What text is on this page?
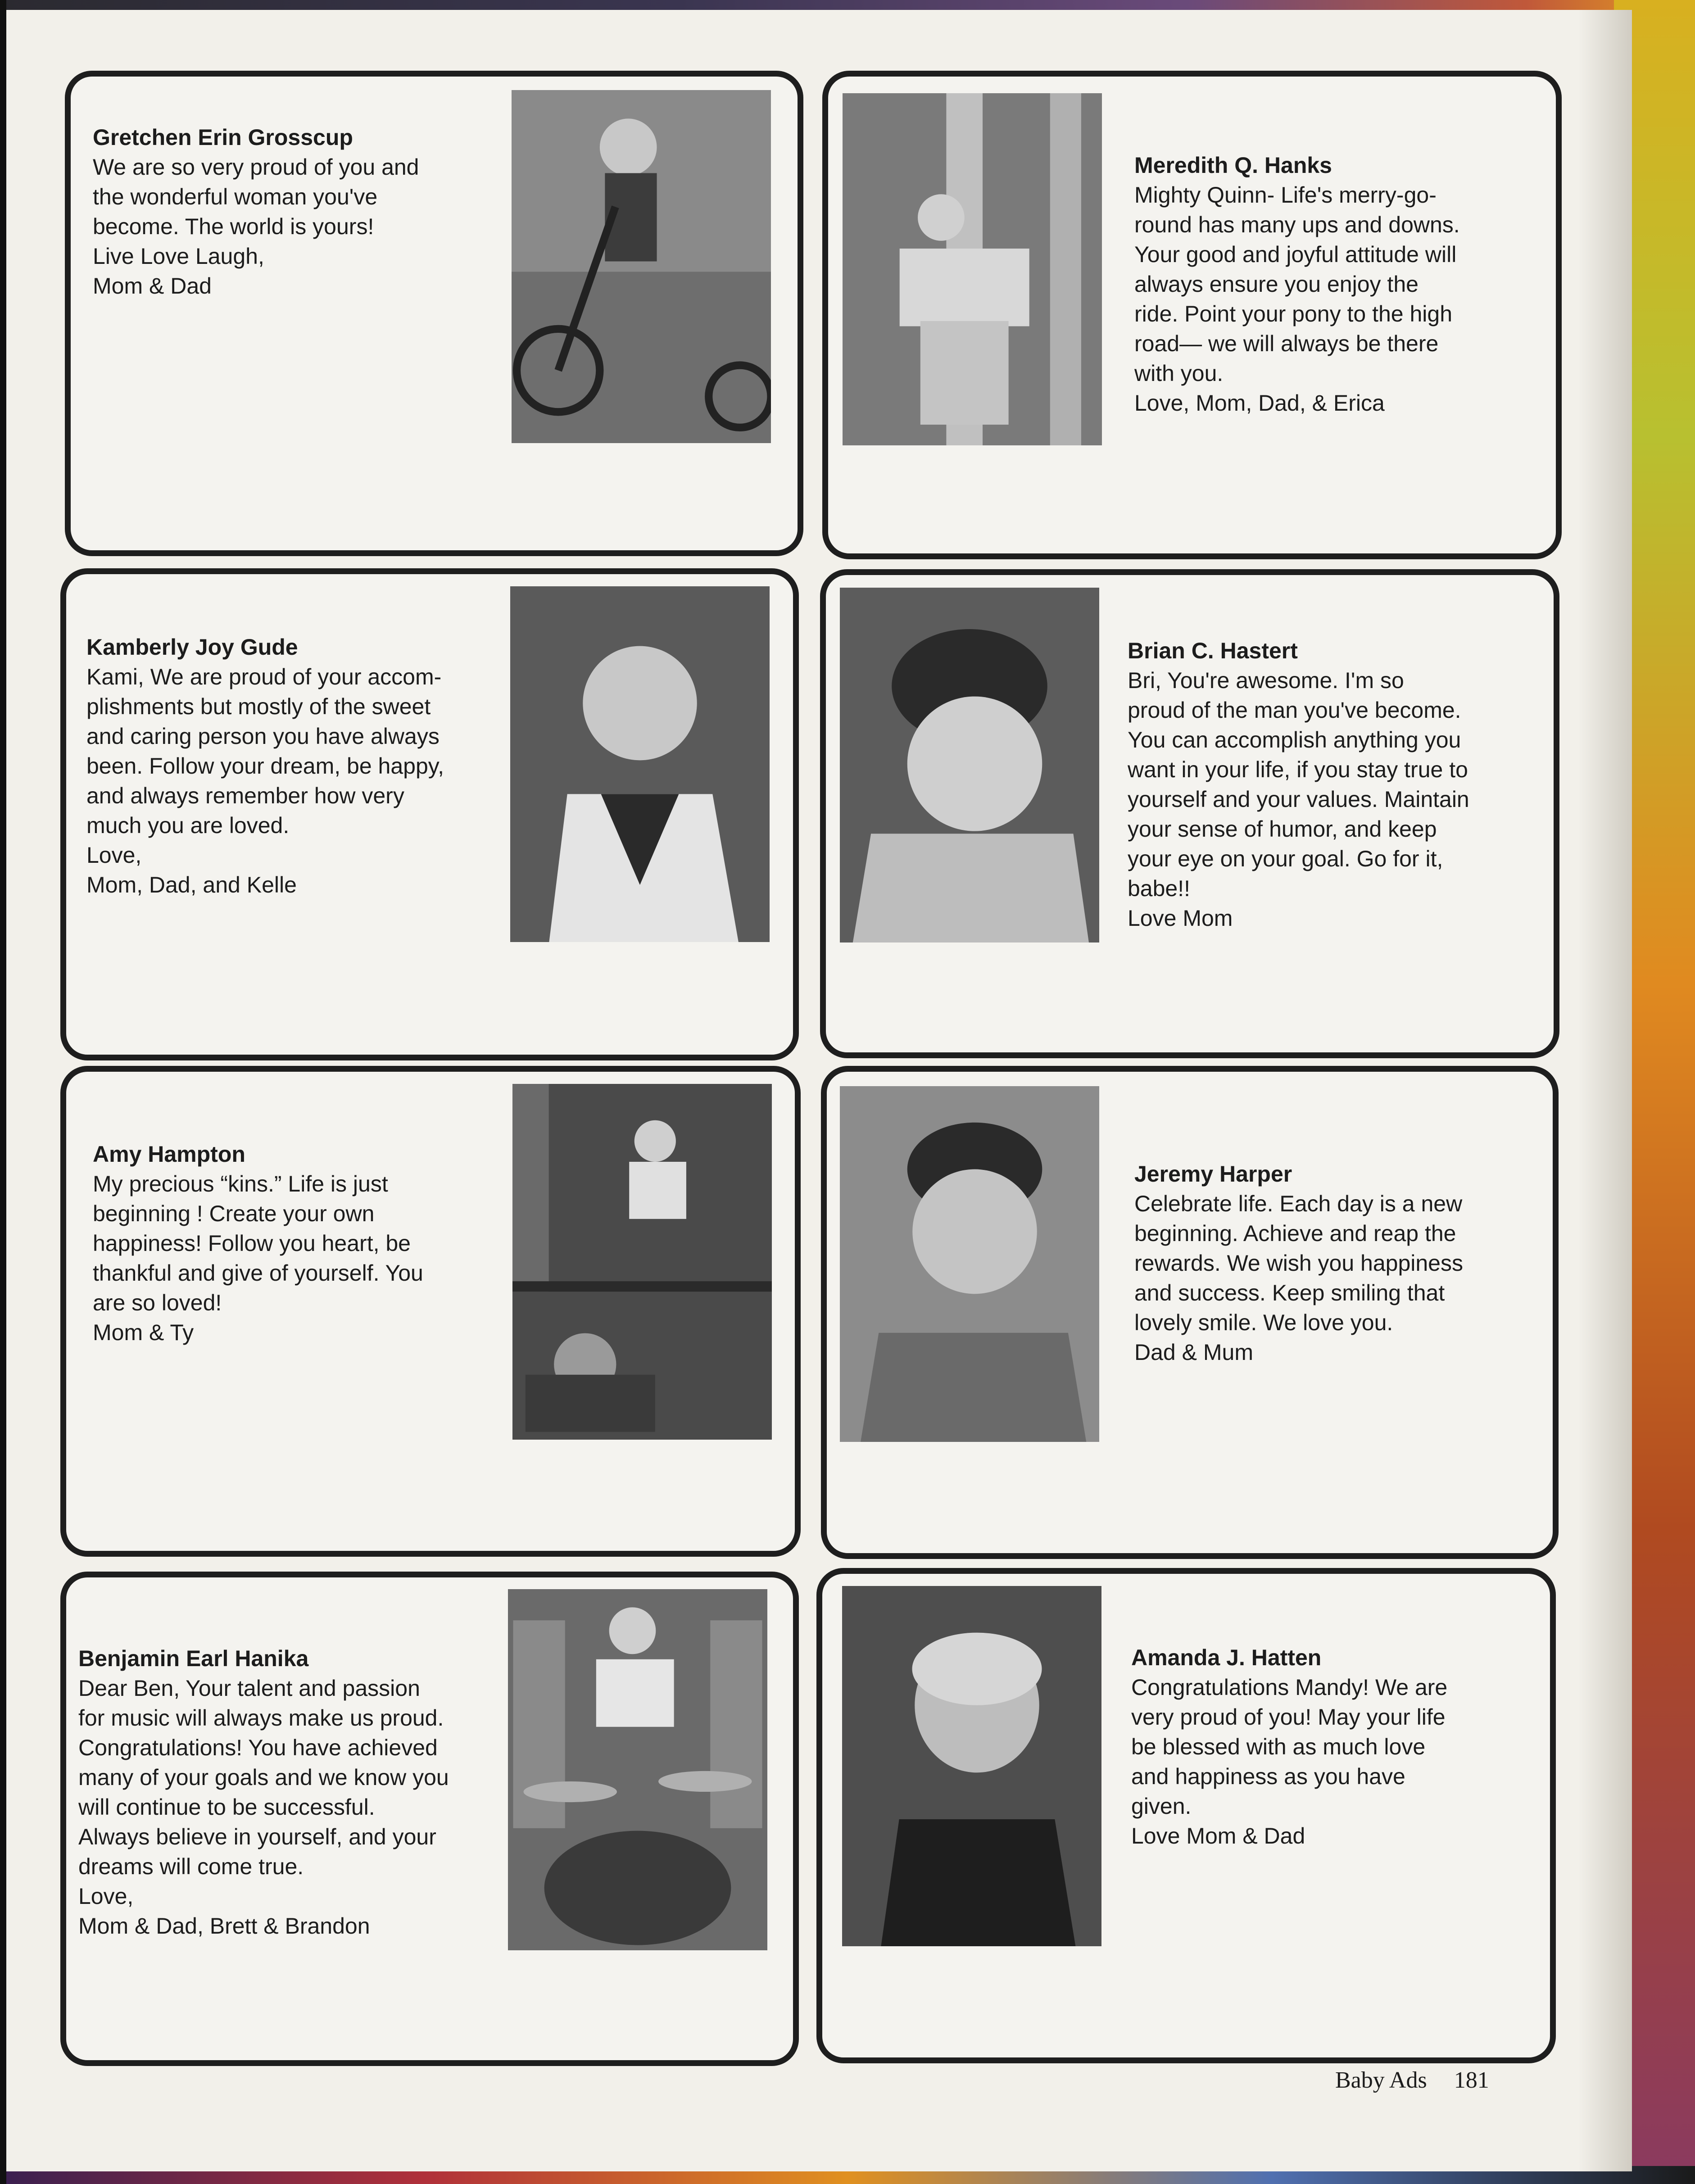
Gretchen Erin Grosscup
We are so very proud of you and
the wonderful woman you've
become. The world is yours!
Live Love Laugh,
Mom & Dad
Meredith Q. Hanks
Mighty Quinn- Life's merry-go-
round has many ups and downs.
Your good and joyful attitude will
always ensure you enjoy the
ride. Point your pony to the high
road— we will always be there
with you.
Love, Mom, Dad, & Erica
Kamberly Joy Gude
Kami, We are proud of your accom-
plishments but mostly of the sweet
and caring person you have always
been. Follow your dream, be happy,
and always remember how very
much you are loved.
Love,
Mom, Dad, and Kelle
Brian C. Hastert
Bri, You're awesome. I'm so
proud of the man you've become.
You can accomplish anything you
want in your life, if you stay true to
yourself and your values. Maintain
your sense of humor, and keep
your eye on your goal. Go for it,
babe!!
Love Mom
Amy Hampton
My precious “kins.” Life is just
beginning ! Create your own
happiness! Follow you heart, be
thankful and give of yourself. You
are so loved!
Mom & Ty
Jeremy Harper
Celebrate life. Each day is a new
beginning. Achieve and reap the
rewards. We wish you happiness
and success. Keep smiling that
lovely smile. We love you.
Dad & Mum
Benjamin Earl Hanika
Dear Ben, Your talent and passion
for music will always make us proud.
Congratulations! You have achieved
many of your goals and we know you
will continue to be successful.
Always believe in yourself, and your
dreams will come true.
Love,
Mom & Dad, Brett & Brandon
Amanda J. Hatten
Congratulations Mandy! We are
very proud of you! May your life
be blessed with as much love
and happiness as you have
given.
Love Mom & Dad
Baby Ads 181
